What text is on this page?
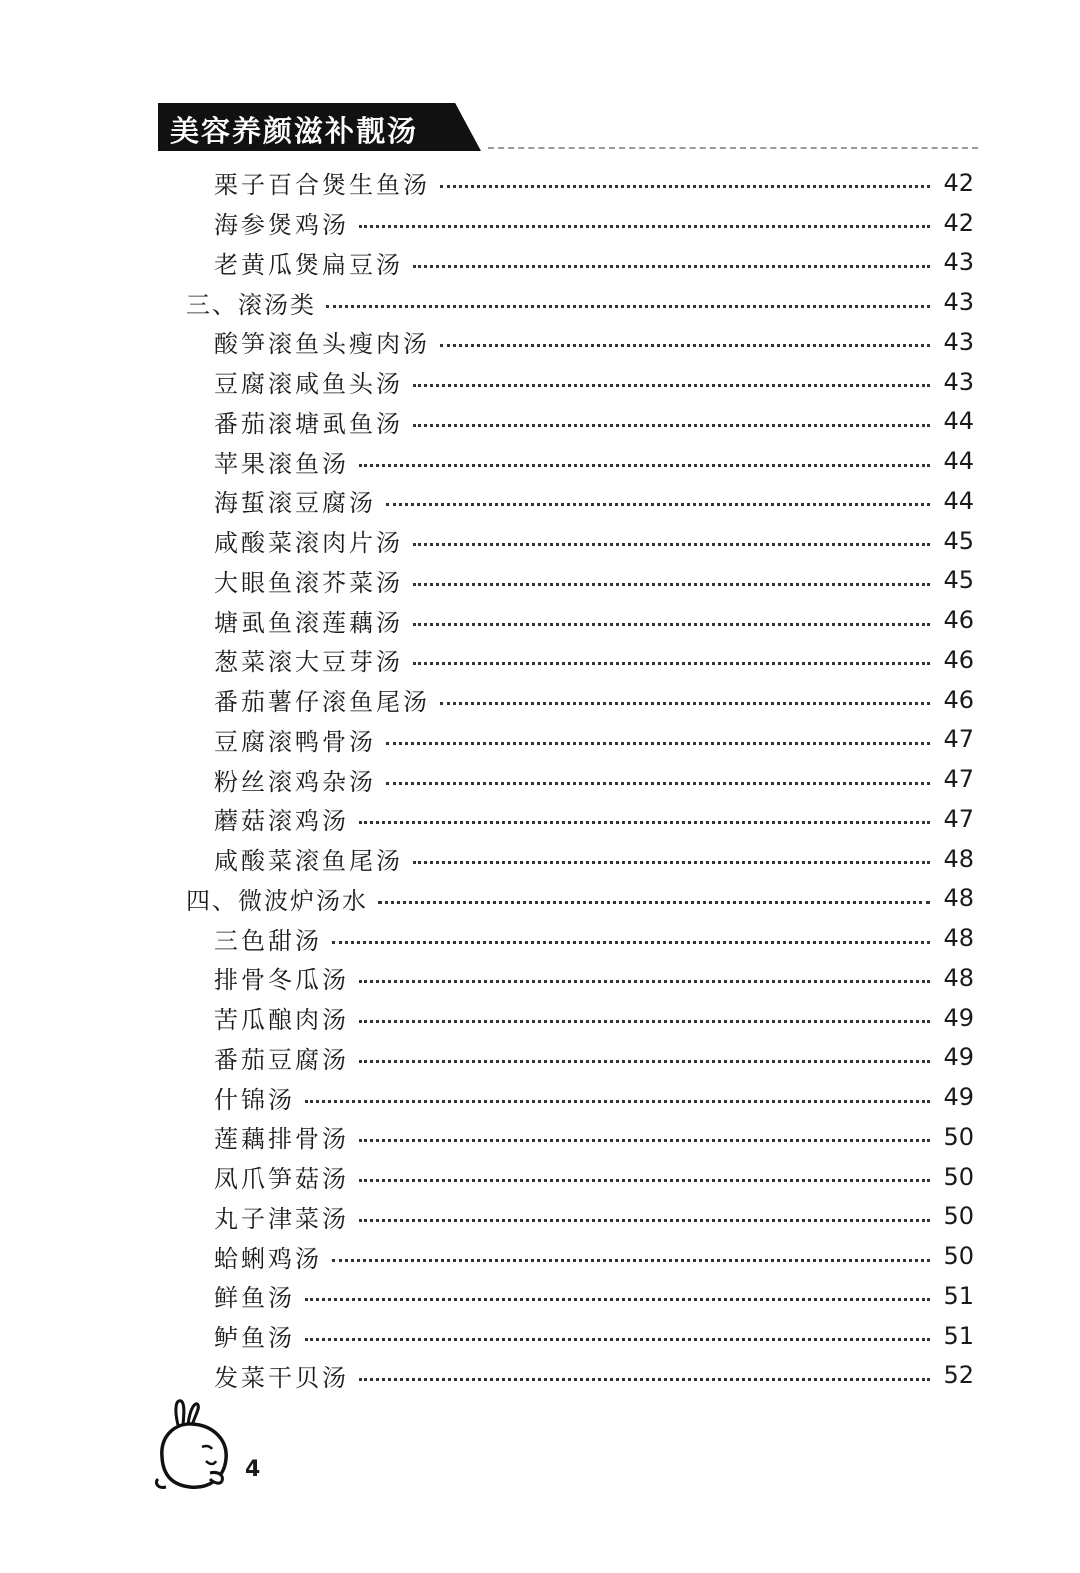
美容养颜滋补靓汤
栗子百合煲生鱼汤	42
海参煲鸡汤	42
老黄瓜煲扁豆汤	43
三、滚汤类	43
酸笋滚鱼头瘦肉汤	43
豆腐滚咸鱼头汤	43
番茄滚塘虱鱼汤	44
苹果滚鱼汤	44
海蜇滚豆腐汤	44
咸酸菜滚肉片汤	45
大眼鱼滚芥菜汤	45
塘虱鱼滚莲藕汤	46
葱菜滚大豆芽汤	46
番茄薯仔滚鱼尾汤	46
豆腐滚鸭骨汤	47
粉丝滚鸡杂汤	47
蘑菇滚鸡汤	47
咸酸菜滚鱼尾汤	48
四、微波炉汤水	48
三色甜汤	48
排骨冬瓜汤	48
苦瓜酿肉汤	49
番茄豆腐汤	49
什锦汤	49
莲藕排骨汤	50
凤爪笋菇汤	50
丸子津菜汤	50
蛤蜊鸡汤	50
鲜鱼汤	51
鲈鱼汤	51
发菜干贝汤	52
4
